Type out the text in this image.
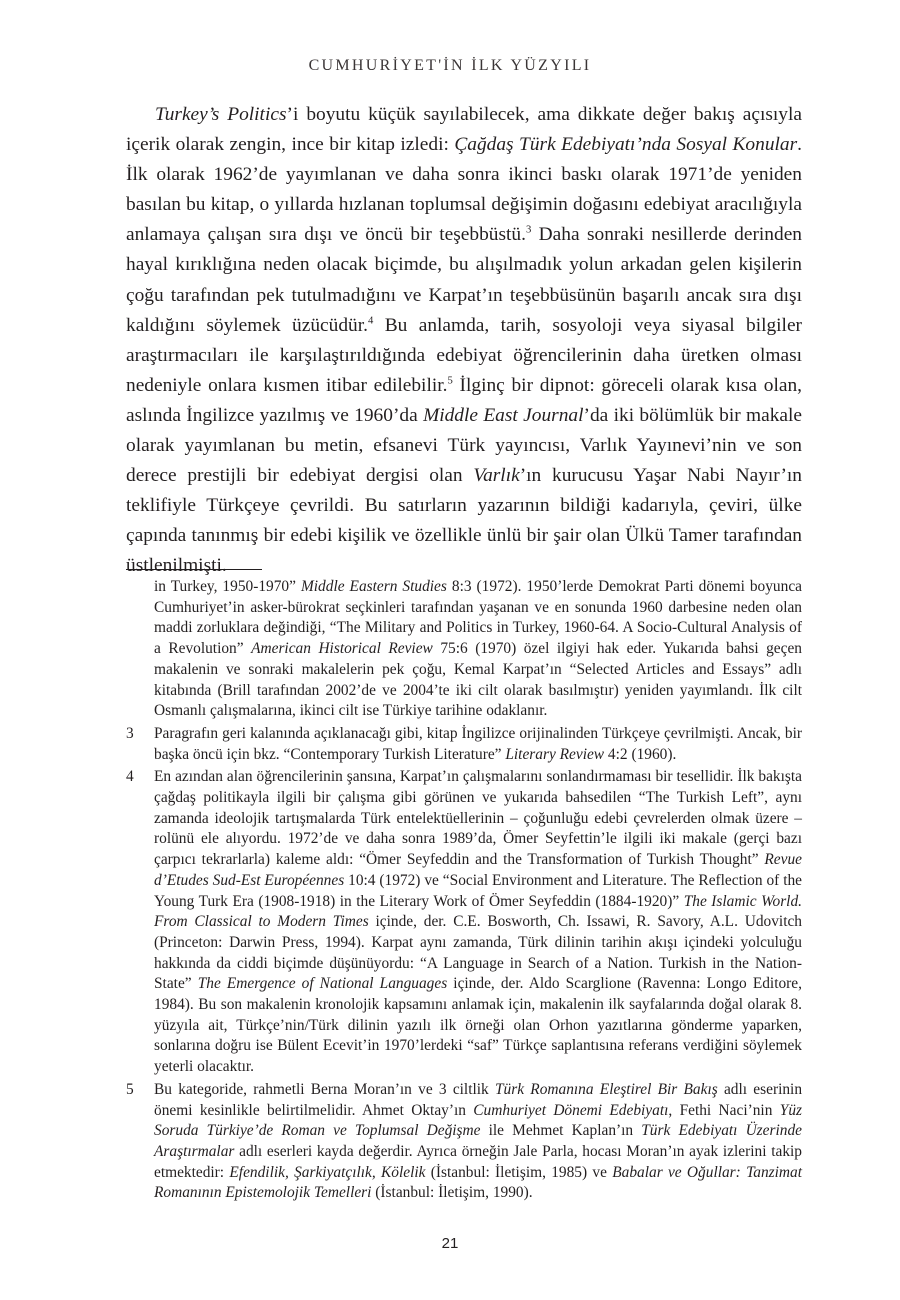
CUMHURİYET'İN İLK YÜZYILI

Turkey’s Politics’i boyutu küçük sayılabilecek, ama dikkate değer bakış açısıyla içerik olarak zengin, ince bir kitap izledi: Çağdaş Türk Edebiyatı’nda Sosyal Konular. İlk olarak 1962’de yayımlanan ve daha sonra ikinci baskı olarak 1971’de yeniden basılan bu kitap, o yıllarda hızlanan toplumsal değişimin doğasını edebiyat aracılığıyla anlamaya çalışan sıra dışı ve öncü bir teşebbüstü.$^3$ Daha sonraki nesillerde derinden hayal kırıklığına neden olacak biçimde, bu alışılmadık yolun arkadan gelen kişilerin çoğu tarafından pek tutulmadığını ve Karpat’ın teşebbüsünün başarılı ancak sıra dışı kaldığını söylemek üzücüdür.$^4$ Bu anlamda, tarih, sosyoloji veya siyasal bilgiler araştırmacıları ile karşılaştırıldığında edebiyat öğrencilerinin daha üretken olması nedeniyle onlara kısmen itibar edilebilir.$^5$ İlginç bir dipnot: göreceli olarak kısa olan, aslında İngilizce yazılmış ve 1960’da Middle East Journal’da iki bölümlük bir makale olarak yayımlanan bu metin, efsanevi Türk yayıncısı, Varlık Yayınevi’nin ve son derece prestijli bir edebiyat dergisi olan Varlık’ın kurucusu Yaşar Nabi Nayır’ın teklifiyle Türkçeye çevrildi. Bu satırların yazarının bildiği kadarıyla, çeviri, ülke çapında tanınmış bir edebi kişilik ve özellikle ünlü bir şair olan Ülkü Tamer tarafından üstlenilmişti.

in Turkey, 1950-1970” Middle Eastern Studies 8:3 (1972). 1950’lerde Demokrat Parti dönemi boyunca Cumhuriyet’in asker-bürokrat seçkinleri tarafından yaşanan ve en sonunda 1960 darbesine neden olan maddi zorluklara değindiği, “The Military and Politics in Turkey, 1960-64. A Socio-Cultural Analysis of a Revolution” American Historical Review 75:6 (1970) özel ilgiyi hak eder. Yukarıda bahsi geçen makalenin ve sonraki makalelerin pek çoğu, Kemal Karpat’ın “Selected Articles and Essays” adlı kitabında (Brill tarafından 2002’de ve 2004’te iki cilt olarak basılmıştır) yeniden yayımlandı. İlk cilt Osmanlı çalışmalarına, ikinci cilt ise Türkiye tarihine odaklanır.
3	Paragrafın geri kalanında açıklanacağı gibi, kitap İngilizce orijinalinden Türkçeye çevrilmişti. Ancak, bir başka öncü için bkz. “Contemporary Turkish Literature” Literary Review 4:2 (1960).
4	En azından alan öğrencilerinin şansına, Karpat’ın çalışmalarını sonlandırmaması bir tesellidir. İlk bakışta çağdaş politikayla ilgili bir çalışma gibi görünen ve yukarıda bahsedilen “The Turkish Left”, aynı zamanda ideolojik tartışmalarda Türk entelektüellerinin – çoğunluğu edebi çevrelerden olmak üzere – rolünü ele alıyordu. 1972’de ve daha sonra 1989’da, Ömer Seyfettin’le ilgili iki makale (gerçi bazı çarpıcı tekrarlarla) kaleme aldı: “Ömer Seyfeddin and the Transformation of Turkish Thought” Revue d’Etudes Sud-Est Européennes 10:4 (1972) ve “Social Environment and Literature. The Reflection of the Young Turk Era (1908-1918) in the Literary Work of Ömer Seyfeddin (1884-1920)” The Islamic World. From Classical to Modern Times içinde, der. C.E. Bosworth, Ch. Issawi, R. Savory, A.L. Udovitch (Princeton: Darwin Press, 1994). Karpat aynı zamanda, Türk dilinin tarihin akışı içindeki yolculuğu hakkında da ciddi biçimde düşünüyordu: “A Language in Search of a Nation. Turkish in the Nation-State” The Emergence of National Languages içinde, der. Aldo Scarglione (Ravenna: Longo Editore, 1984). Bu son makalenin kronolojik kapsamını anlamak için, makalenin ilk sayfalarında doğal olarak 8. yüzyıla ait, Türkçe’nin/Türk dilinin yazılı ilk örneği olan Orhon yazıtlarına gönderme yaparken, sonlarına doğru ise Bülent Ecevit’in 1970’lerdeki “saf” Türkçe saplantısına referans verdiğini söylemek yeterli olacaktır.
5	Bu kategoride, rahmetli Berna Moran’ın ve 3 ciltlik Türk Romanına Eleştirel Bir Bakış adlı eserinin önemi kesinlikle belirtilmelidir. Ahmet Oktay’ın Cumhuriyet Dönemi Edebiyatı, Fethi Naci’nin Yüz Soruda Türkiye’de Roman ve Toplumsal Değişme ile Mehmet Kaplan’ın Türk Edebiyatı Üzerinde Araştırmalar adlı eserleri kayda değerdir. Ayrıca örneğin Jale Parla, hocası Moran’ın ayak izlerini takip etmektedir: Efendilik, Şarkiyatçılık, Kölelik (İstanbul: İletişim, 1985) ve Babalar ve Oğullar: Tanzimat Romanının Epistemolojik Temelleri (İstanbul: İletişim, 1990).
21
